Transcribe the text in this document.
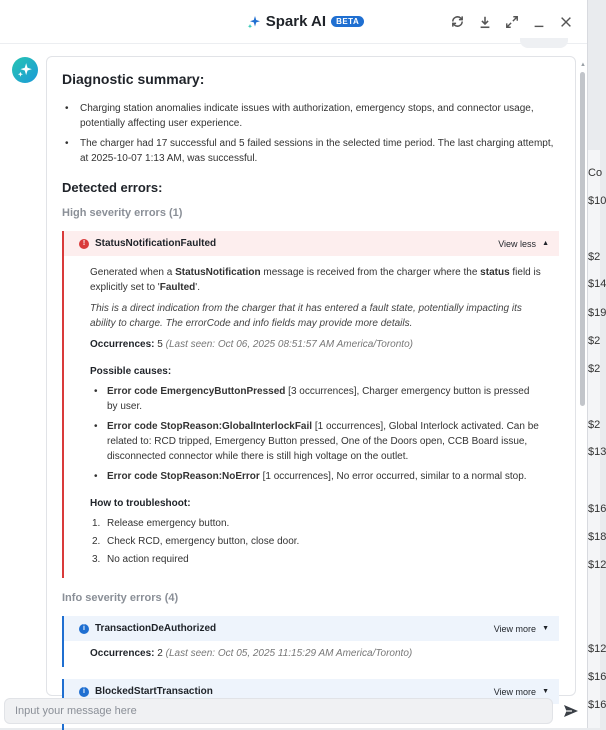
Co
$10
$2
$14
$19
$2
$2
$2
$13
$16
$18
$12
$12
$16
$16
Spark AI	BETA
Diagnostic summary:
• Charging station anomalies indicate issues with authorization, emergency stops, and connector usage, potentially affecting user experience.
• The charger had 17 successful and 5 failed sessions in the selected time period. The last charging attempt, at 2025-10-07 1:13 AM, was successful.
Detected errors:
High severity errors (1)
! StatusNotificationFaulted	View less ▲

Generated when a StatusNotification message is received from the charger where the status field is explicitly set to 'Faulted'.

This is a direct indication from the charger that it has entered a fault state, potentially impacting its ability to charge. The errorCode and info fields may provide more details.

Occurrences: 5 (Last seen: Oct 06, 2025 08:51:57 AM America/Toronto)

Possible causes:
• Error code EmergencyButtonPressed [3 occurrences], Charger emergency button is pressed by user.
• Error code StopReason:GlobalInterlockFail [1 occurrences], Global Interlock activated. Can be related to: RCD tripped, Emergency Button pressed, One of the Doors open, CCB Board issue, disconnected connector while there is still high voltage on the outlet.
• Error code StopReason:NoError [1 occurrences], No error occurred, similar to a normal stop.
How to troubleshoot:
1. Release emergency button.
2. Check RCD, emergency button, close door.
3. No action required
Info severity errors (4)
i	TransactionDeAuthorized	View more ▼
Occurrences: 2 (Last seen: Oct 05, 2025 11:15:29 AM America/Toronto)
i	BlockedStartTransaction	View more ▼
▲
Input your message here
